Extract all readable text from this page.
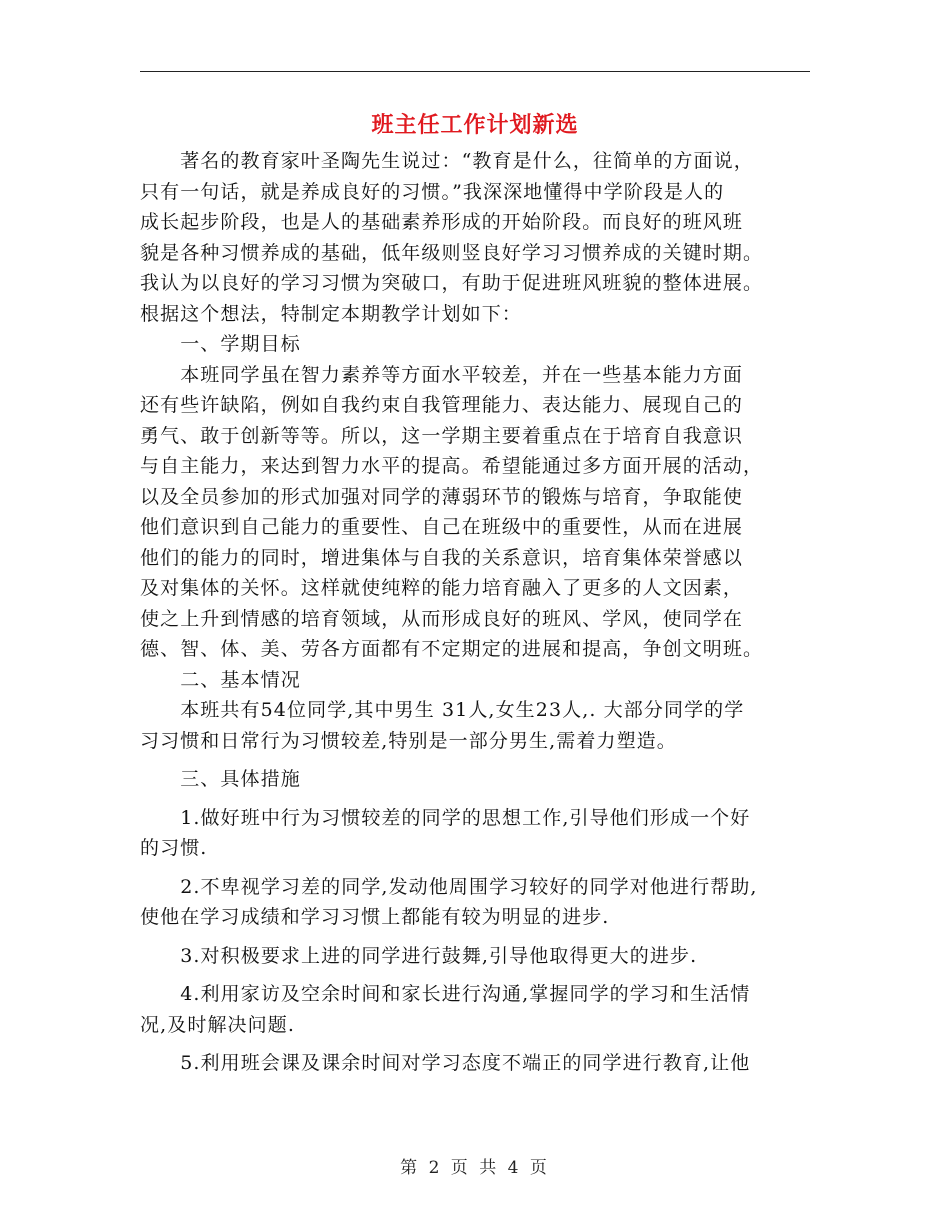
班主任工作计划新选
　　著名的教育家叶圣陶先生说过：“教育是什么，往简单的方面说，
只有一句话，就是养成良好的习惯。”我深深地懂得中学阶段是人的
成长起步阶段，也是人的基础素养形成的开始阶段。而良好的班风班
貌是各种习惯养成的基础，低年级则竖良好学习习惯养成的关键时期。
我认为以良好的学习习惯为突破口，有助于促进班风班貌的整体进展。
根据这个想法，特制定本期教学计划如下：
　　一、学期目标
　　本班同学虽在智力素养等方面水平较差，并在一些基本能力方面
还有些许缺陷，例如自我约束自我管理能力、表达能力、展现自己的
勇气、敢于创新等等。所以，这一学期主要着重点在于培育自我意识
与自主能力，来达到智力水平的提高。希望能通过多方面开展的活动，
以及全员参加的形式加强对同学的薄弱环节的锻炼与培育，争取能使
他们意识到自己能力的重要性、自己在班级中的重要性，从而在进展
他们的能力的同时，增进集体与自我的关系意识，培育集体荣誉感以
及对集体的关怀。这样就使纯粹的能力培育融入了更多的人文因素，
使之上升到情感的培育领域，从而形成良好的班风、学风，使同学在
德、智、体、美、劳各方面都有不定期定的进展和提高，争创文明班。
　　二、基本情况
　　本班共有54位同学,其中男生 31人,女生23人,. 大部分同学的学
习习惯和日常行为习惯较差,特别是一部分男生,需着力塑造。
　　三、具体措施
　　1.做好班中行为习惯较差的同学的思想工作,引导他们形成一个好
的习惯.
　　2.不卑视学习差的同学,发动他周围学习较好的同学对他进行帮助,
使他在学习成绩和学习习惯上都能有较为明显的进步.
　　3.对积极要求上进的同学进行鼓舞,引导他取得更大的进步.
　　4.利用家访及空余时间和家长进行沟通,掌握同学的学习和生活情
况,及时解决问题.
　　5.利用班会课及课余时间对学习态度不端正的同学进行教育,让他
第 2 页 共 4 页
